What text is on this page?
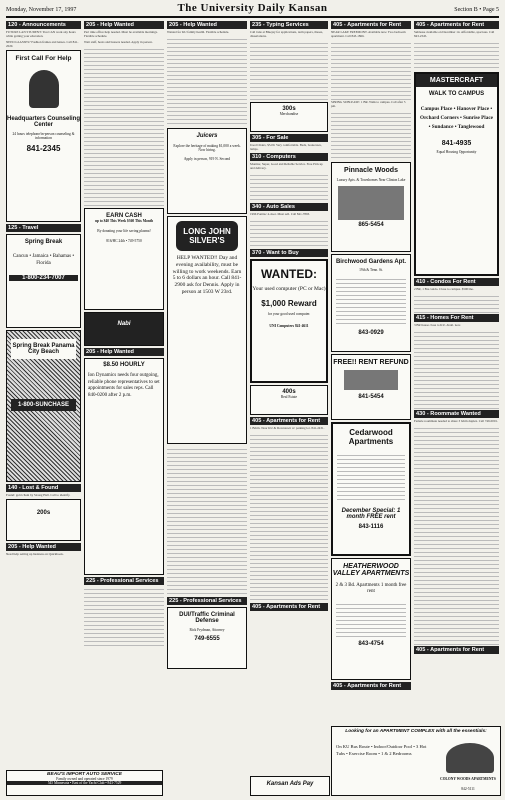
Monday, November 17, 1997	The University Daily Kansan	Section B • Page 5
120 - Announcements

FUTURE LAN STUDENT: You CAN work any hours while getting your education.

NEED GLASSES? Fashion frames and lenses. Call 841-2020.

First Call For Help
Headquarters Counseling Center
24 hours telephone/in-person counseling & information
841-2345
125 - Travel
Spring Break
Cancun • Jamaica • Bahamas • Florida
1-800-234-7007
Spring Break Panama City Beach
1-800-SUNCHASE
140 - Lost & Found

Found: gold chain by Strong Hall. Call to identify.

200s
205 - Help Wanted

Need help setting up business on Quickbook.

205 - Help Wanted

Part time office help needed. Must be available mornings. Flexible schedule.

Wait staff, hosts and bussers needed. Apply in person.

EARN CASH
up to $40 This Week $360 This Month
By donating your life saving plasma!
816/HC 24th • 749-5750
Nabi
205 - Help Wanted
$8.50 HOURLY
Ion Dynamics needs four outgoing, reliable phone representatives to set appointments for sales reps. Call 840-0200 after 2 p.m.
225 - Professional Services
205 - Help Wanted

Wanted for KU family health. Flexible schedule.

Juicers
Explore the heritage of making $1,000 a week. Now hiring.
Apply in person, 919 N. Second
LONG JOHN SILVER'S
HELP WANTED!! Day and evening availability, must be willing to work weekends. Earn 5 to 6 dollars an hour. Call 841-2900 ask for Dennis. Apply in person at 1503 W 23rd.
225 - Professional Services
DUI/Traffic Criminal Defense
Rick Frydman, Attorney
749-6555
235 - Typing Services

Call Jade at Bluejay for applications, term papers, theses, dissertations.

300s
Merchandise
305 - For Sale

Used Chairs, $5.00. Very comfortable. Beds, bookcases, lamps.

310 - Computers

Monitor, Super, Good and Reliable Service. Free Pick up and delivery.

340 - Auto Sales

1996 Pontiac 4-door. Must sell. Call 841-7893.

370 - Want to Buy
WANTED:
Your used computer (PC or Mac)
$1,000 Reward
for your good used computer.
UNI Computers 841-4611
400s
Real Estate
405 - Apartments for Rent

1 Bdrm. Near KU & Downtown w/ parking lot. 841-2431.

405 - Apartments for Rent
405 - Apartments for Rent

NEAR LAKE FREEMONT. Available now. Two bedroom apartment. Call 843-1866.

SPRING SUBLEASE: 1 BR. Walk to campus. Call after 5 pm.

Pinnacle Woods
Luxury Apts. & Townhomes Near Clinton Lake
865-5454
Birchwood Gardens Apt.
19th & Tenn. St.
843-0929
FREE!! RENT REFUND
841-5454
Cedarwood Apartments
December Special: 1 month FREE rent
843-1116
HEATHERWOOD VALLEY APARTMENTS
2 & 3 Bd. Apartments 1 month free rent
843-4754
405 - Apartments for Rent
405 - Apartments for Rent

Sublease available on December 14. Affordable, spacious. Call 843-2345.

MASTERCRAFT
WALK TO CAMPUS
Campus Place • Hanover Place • Orchard Corners • Sunrise Place • Sundance • Tanglewood
841-4935
Equal Housing Opportunity
410 - Condos For Rent

2 BR, 1 BA condo. Close to campus. $500/mo.

415 - Homes For Rent

3 BR house close to KU. Avail. now.

430 - Roommate Wanted

Female roommate needed to share 3 bdrm duplex. Call 749-0001.

405 - Apartments for Rent
BEAU'S IMPORT AUTO SERVICE
Family owned and operated since 1979
545 Minnesota • East of the Yacht Club • 843-7529
Looking for an APARTMENT COMPLEX with all the essentials:
On KU Bus Route • Indoor/Outdoor Pool • 3 Hot Tubs • Exercise Room • 1 & 2 Bedrooms
COLONY WOODS APARTMENTS
842-5111
Kansan Ads Pay
